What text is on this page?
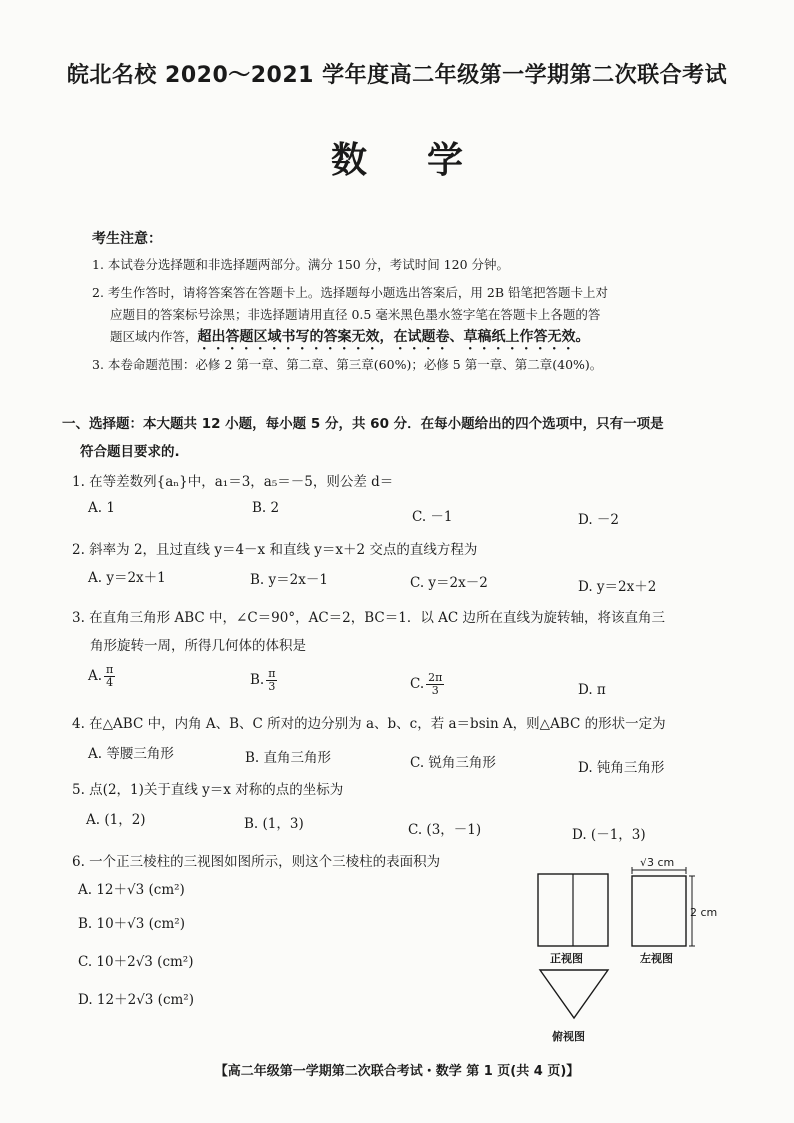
皖北名校 2020～2021 学年度高二年级第一学期第二次联合考试
数学
考生注意：
1. 本试卷分选择题和非选择题两部分。满分 150 分，考试时间 120 分钟。
2. 考生作答时，请将答案答在答题卡上。选择题每小题选出答案后，用 2B 铅笔把答题卡上对
应题目的答案标号涂黑；非选择题请用直径 0.5 毫米黑色墨水签字笔在答题卡上各题的答
题区域内作答，超出答题区域书写的答案无效，在试题卷、草稿纸上作答无效。
3. 本卷命题范围：必修 2 第一章、第二章、第三章(60%)；必修 5 第一章、第二章(40%)。
一、选择题：本大题共 12 小题，每小题 5 分，共 60 分．在每小题给出的四个选项中，只有一项是
符合题目要求的.
1. 在等差数列{aₙ}中，a₁＝3，a₅＝－5，则公差 d＝
A. 1	B. 2
C. －1	D. －2
2. 斜率为 2，且过直线 y＝4－x 和直线 y＝x＋2 交点的直线方程为
A. y＝2x＋1	B. y＝2x－1	C. y＝2x－2	D. y＝2x＋2
3. 在直角三角形 ABC 中，∠C＝90°，AC＝2，BC＝1．以 AC 边所在直线为旋转轴，将该直角三
角形旋转一周，所得几何体的体积是
A. $\frac{\pi}{4}$	B. $\frac{\pi}{3}$	C. $\frac{2\pi}{3}$	D. π
4. 在△ABC 中，内角 A、B、C 所对的边分别为 a、b、c，若 a＝bsin A，则△ABC 的形状一定为
A. 等腰三角形	B. 直角三角形	C. 锐角三角形	D. 钝角三角形
5. 点(2，1)关于直线 y＝x 对称的点的坐标为
A. (1，2)	B. (1，3)	C. (3，－1)	D. (－1，3)
6. 一个正三棱柱的三视图如图所示，则这个三棱柱的表面积为
A. 12＋√3 (cm²)
B. 10＋√3 (cm²)
C. 10＋2√3 (cm²)
D. 12＋2√3 (cm²)
√3 cm
2 cm
正视图	左视图
俯视图
【高二年级第一学期第二次联合考试・数学 第 1 页(共 4 页)】
